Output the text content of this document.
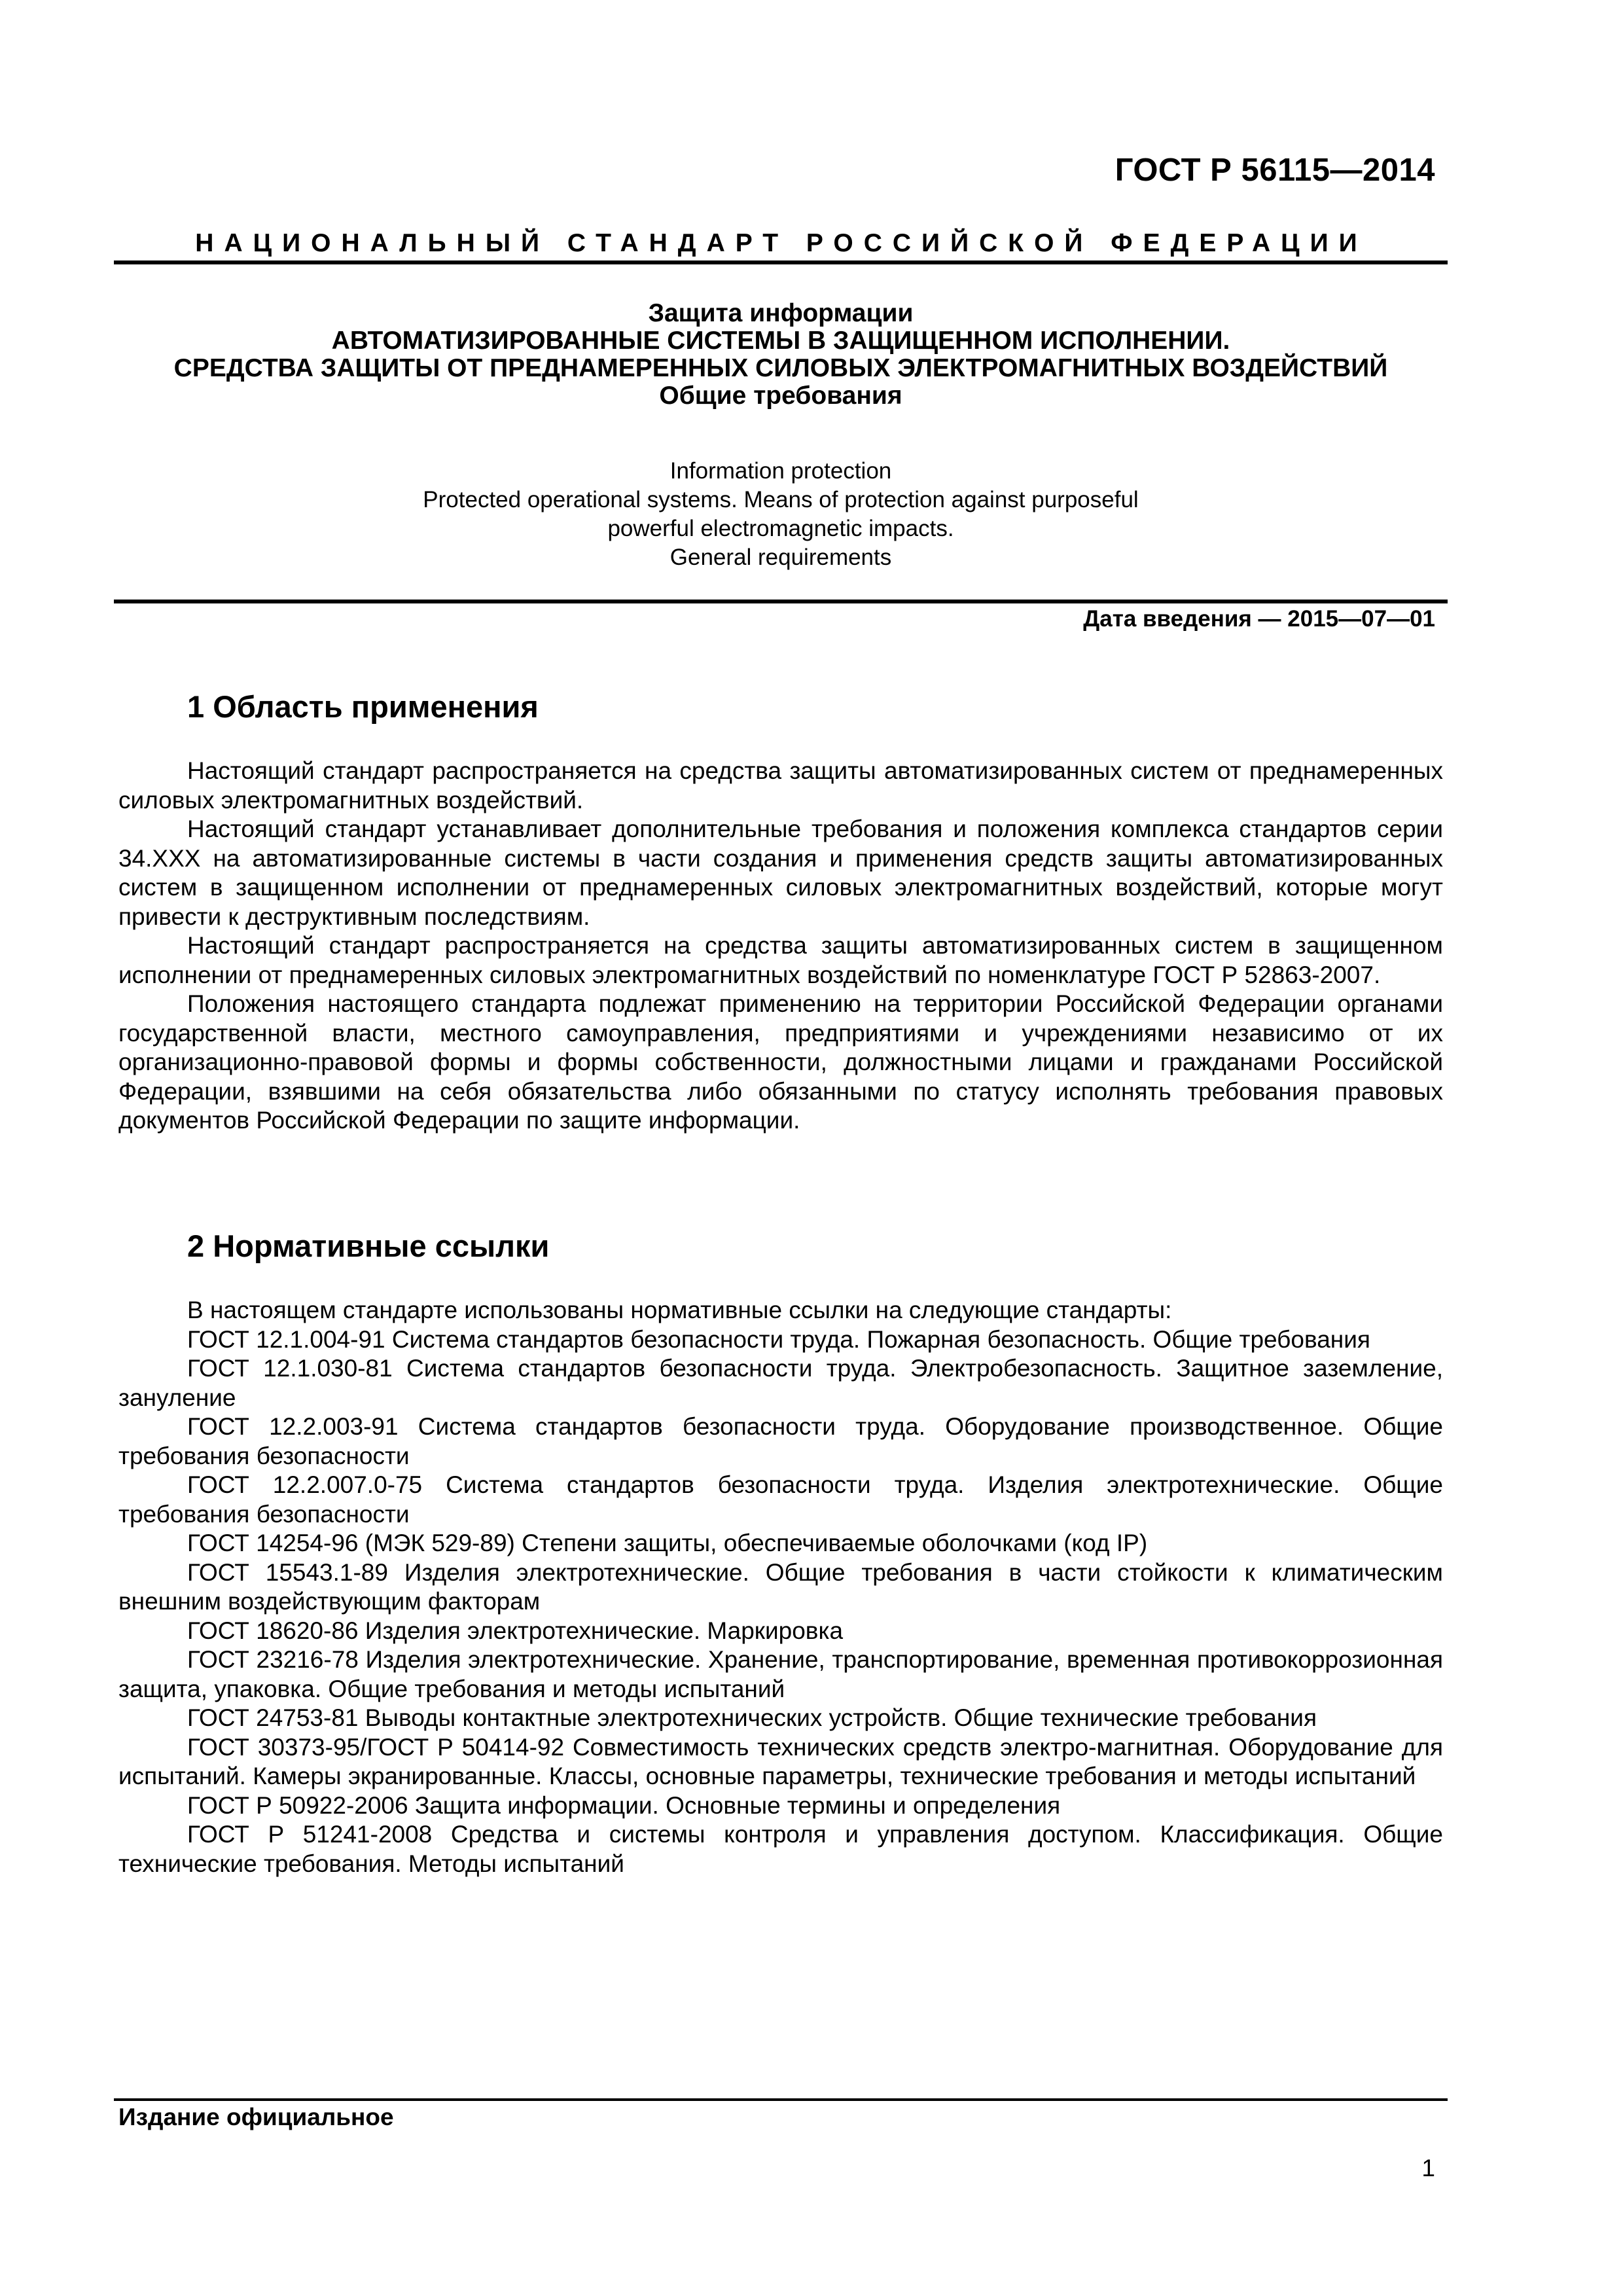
ГОСТ Р 56115—2014
НАЦИОНАЛЬНЫЙ СТАНДАРТ РОССИЙСКОЙ ФЕДЕРАЦИИ
Защита информации
АВТОМАТИЗИРОВАННЫЕ СИСТЕМЫ В ЗАЩИЩЕННОМ ИСПОЛНЕНИИ.
СРЕДСТВА ЗАЩИТЫ ОТ ПРЕДНАМЕРЕННЫХ СИЛОВЫХ ЭЛЕКТРОМАГНИТНЫХ ВОЗДЕЙСТВИЙ
Общие требования
Information protection
Protected operational systems. Means of protection against purposeful
powerful electromagnetic impacts.
General requirements
Дата введения — 2015—07—01
1 Область применения

Настоящий стандарт распространяется на средства защиты автоматизированных систем от преднамеренных силовых электромагнитных воздействий.

Настоящий стандарт устанавливает дополнительные требования и положения комплекса стандартов серии 34.ХХХ на автоматизированные системы в части создания и применения средств защиты автоматизированных систем в защищенном исполнении от преднамеренных силовых электромагнитных воздействий, которые могут привести к деструктивным последствиям.

Настоящий стандарт распространяется на средства защиты автоматизированных систем в защищенном исполнении от преднамеренных силовых электромагнитных воздействий по номенклатуре ГОСТ Р 52863-2007.

Положения настоящего стандарта подлежат применению на территории Российской Федерации органами государственной власти, местного самоуправления, предприятиями и учреждениями независимо от их организационно-правовой формы и формы собственности, должностными лицами и гражданами Российской Федерации, взявшими на себя обязательства либо обязанными по статусу исполнять требования правовых документов Российской Федерации по защите информации.

2 Нормативные ссылки

В настоящем стандарте использованы нормативные ссылки на следующие стандарты:

ГОСТ 12.1.004-91 Система стандартов безопасности труда. Пожарная безопасность. Общие требования

ГОСТ 12.1.030-81 Система стандартов безопасности труда. Электробезопасность. Защитное заземление, зануление

ГОСТ 12.2.003-91 Система стандартов безопасности труда. Оборудование производственное. Общие требования безопасности

ГОСТ 12.2.007.0-75 Система стандартов безопасности труда. Изделия электротехнические. Общие требования безопасности

ГОСТ 14254-96 (МЭК 529-89) Степени защиты, обеспечиваемые оболочками (код IP)

ГОСТ 15543.1-89 Изделия электротехнические. Общие требования в части стойкости к климатическим внешним воздействующим факторам

ГОСТ 18620-86 Изделия электротехнические. Маркировка

ГОСТ 23216-78 Изделия электротехнические. Хранение, транспортирование, временная противокоррозионная защита, упаковка. Общие требования и методы испытаний

ГОСТ 24753-81 Выводы контактные электротехнических устройств. Общие технические требования

ГОСТ 30373-95/ГОСТ Р 50414-92 Совместимость технических средств электро-магнитная. Оборудование для испытаний. Камеры экранированные. Классы, основные параметры, технические требования и методы испытаний

ГОСТ Р 50922-2006 Защита информации. Основные термины и определения

ГОСТ Р 51241-2008 Средства и системы контроля и управления доступом. Классификация. Общие технические требования. Методы испытаний

Издание официальное
1
